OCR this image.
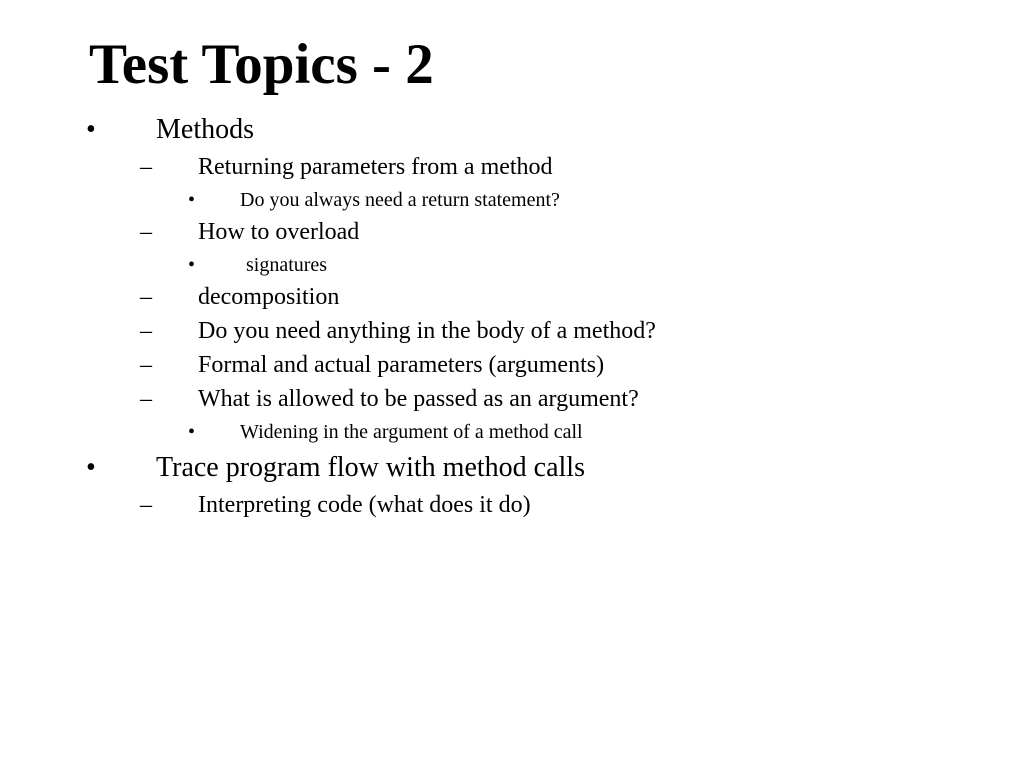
Test Topics - 2
• Methods
– Returning parameters from a method
• Do you always need a return statement?
– How to overload
•	signatures
– decomposition
– Do you need anything in the body of a method?
– Formal and actual parameters (arguments)
– What is allowed to be passed as an argument?
• Widening in the argument of a method call
• Trace program flow with method calls
– Interpreting code (what does it do)
